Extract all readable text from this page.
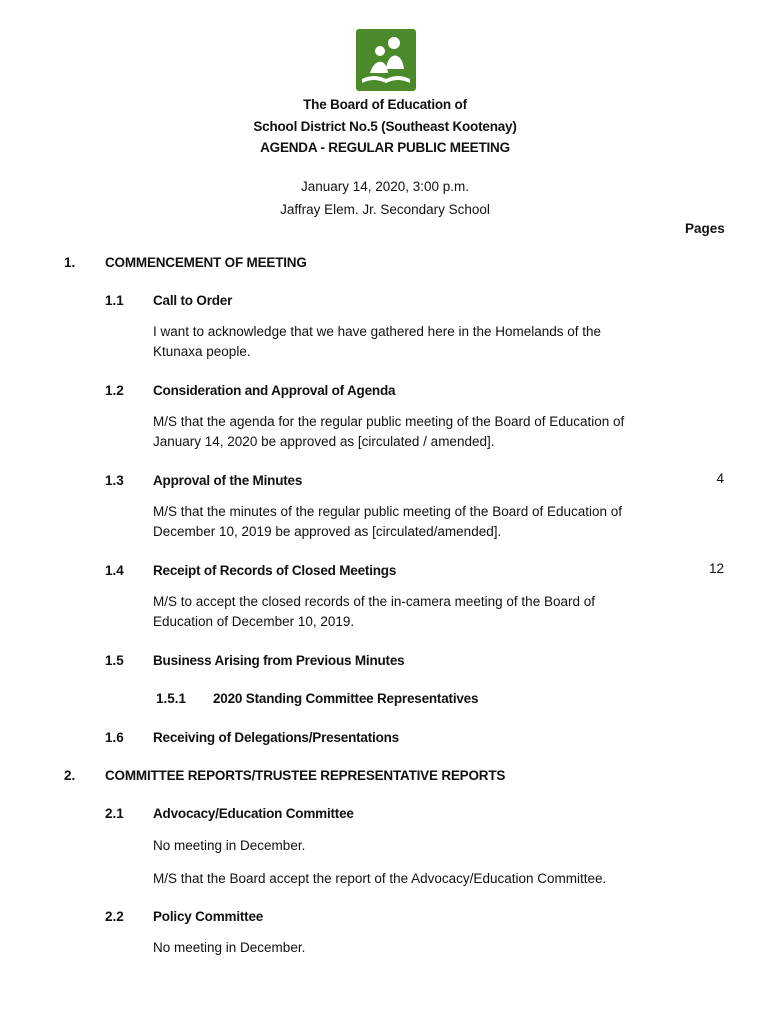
The Board of Education of
School District No.5 (Southeast Kootenay)
AGENDA - REGULAR PUBLIC MEETING
January 14, 2020, 3:00 p.m.
Jaffray Elem. Jr. Secondary School
Pages
1. COMMENCEMENT OF MEETING
1.1 Call to Order
I want to acknowledge that we have gathered here in the Homelands of the
Ktunaxa people.
1.2 Consideration and Approval of Agenda
M/S that the agenda for the regular public meeting of the Board of Education of
January 14, 2020 be approved as [circulated / amended].
1.3 Approval of the Minutes	4
M/S that the minutes of the regular public meeting of the Board of Education of
December 10, 2019 be approved as [circulated/amended].
1.4 Receipt of Records of Closed Meetings	12
M/S to accept the closed records of the in-camera meeting of the Board of
Education of December 10, 2019.
1.5 Business Arising from Previous Minutes
1.5.1 2020 Standing Committee Representatives
1.6 Receiving of Delegations/Presentations
2. COMMITTEE REPORTS/TRUSTEE REPRESENTATIVE REPORTS
2.1 Advocacy/Education Committee
No meeting in December.
M/S that the Board accept the report of the Advocacy/Education Committee.
2.2 Policy Committee
No meeting in December.
